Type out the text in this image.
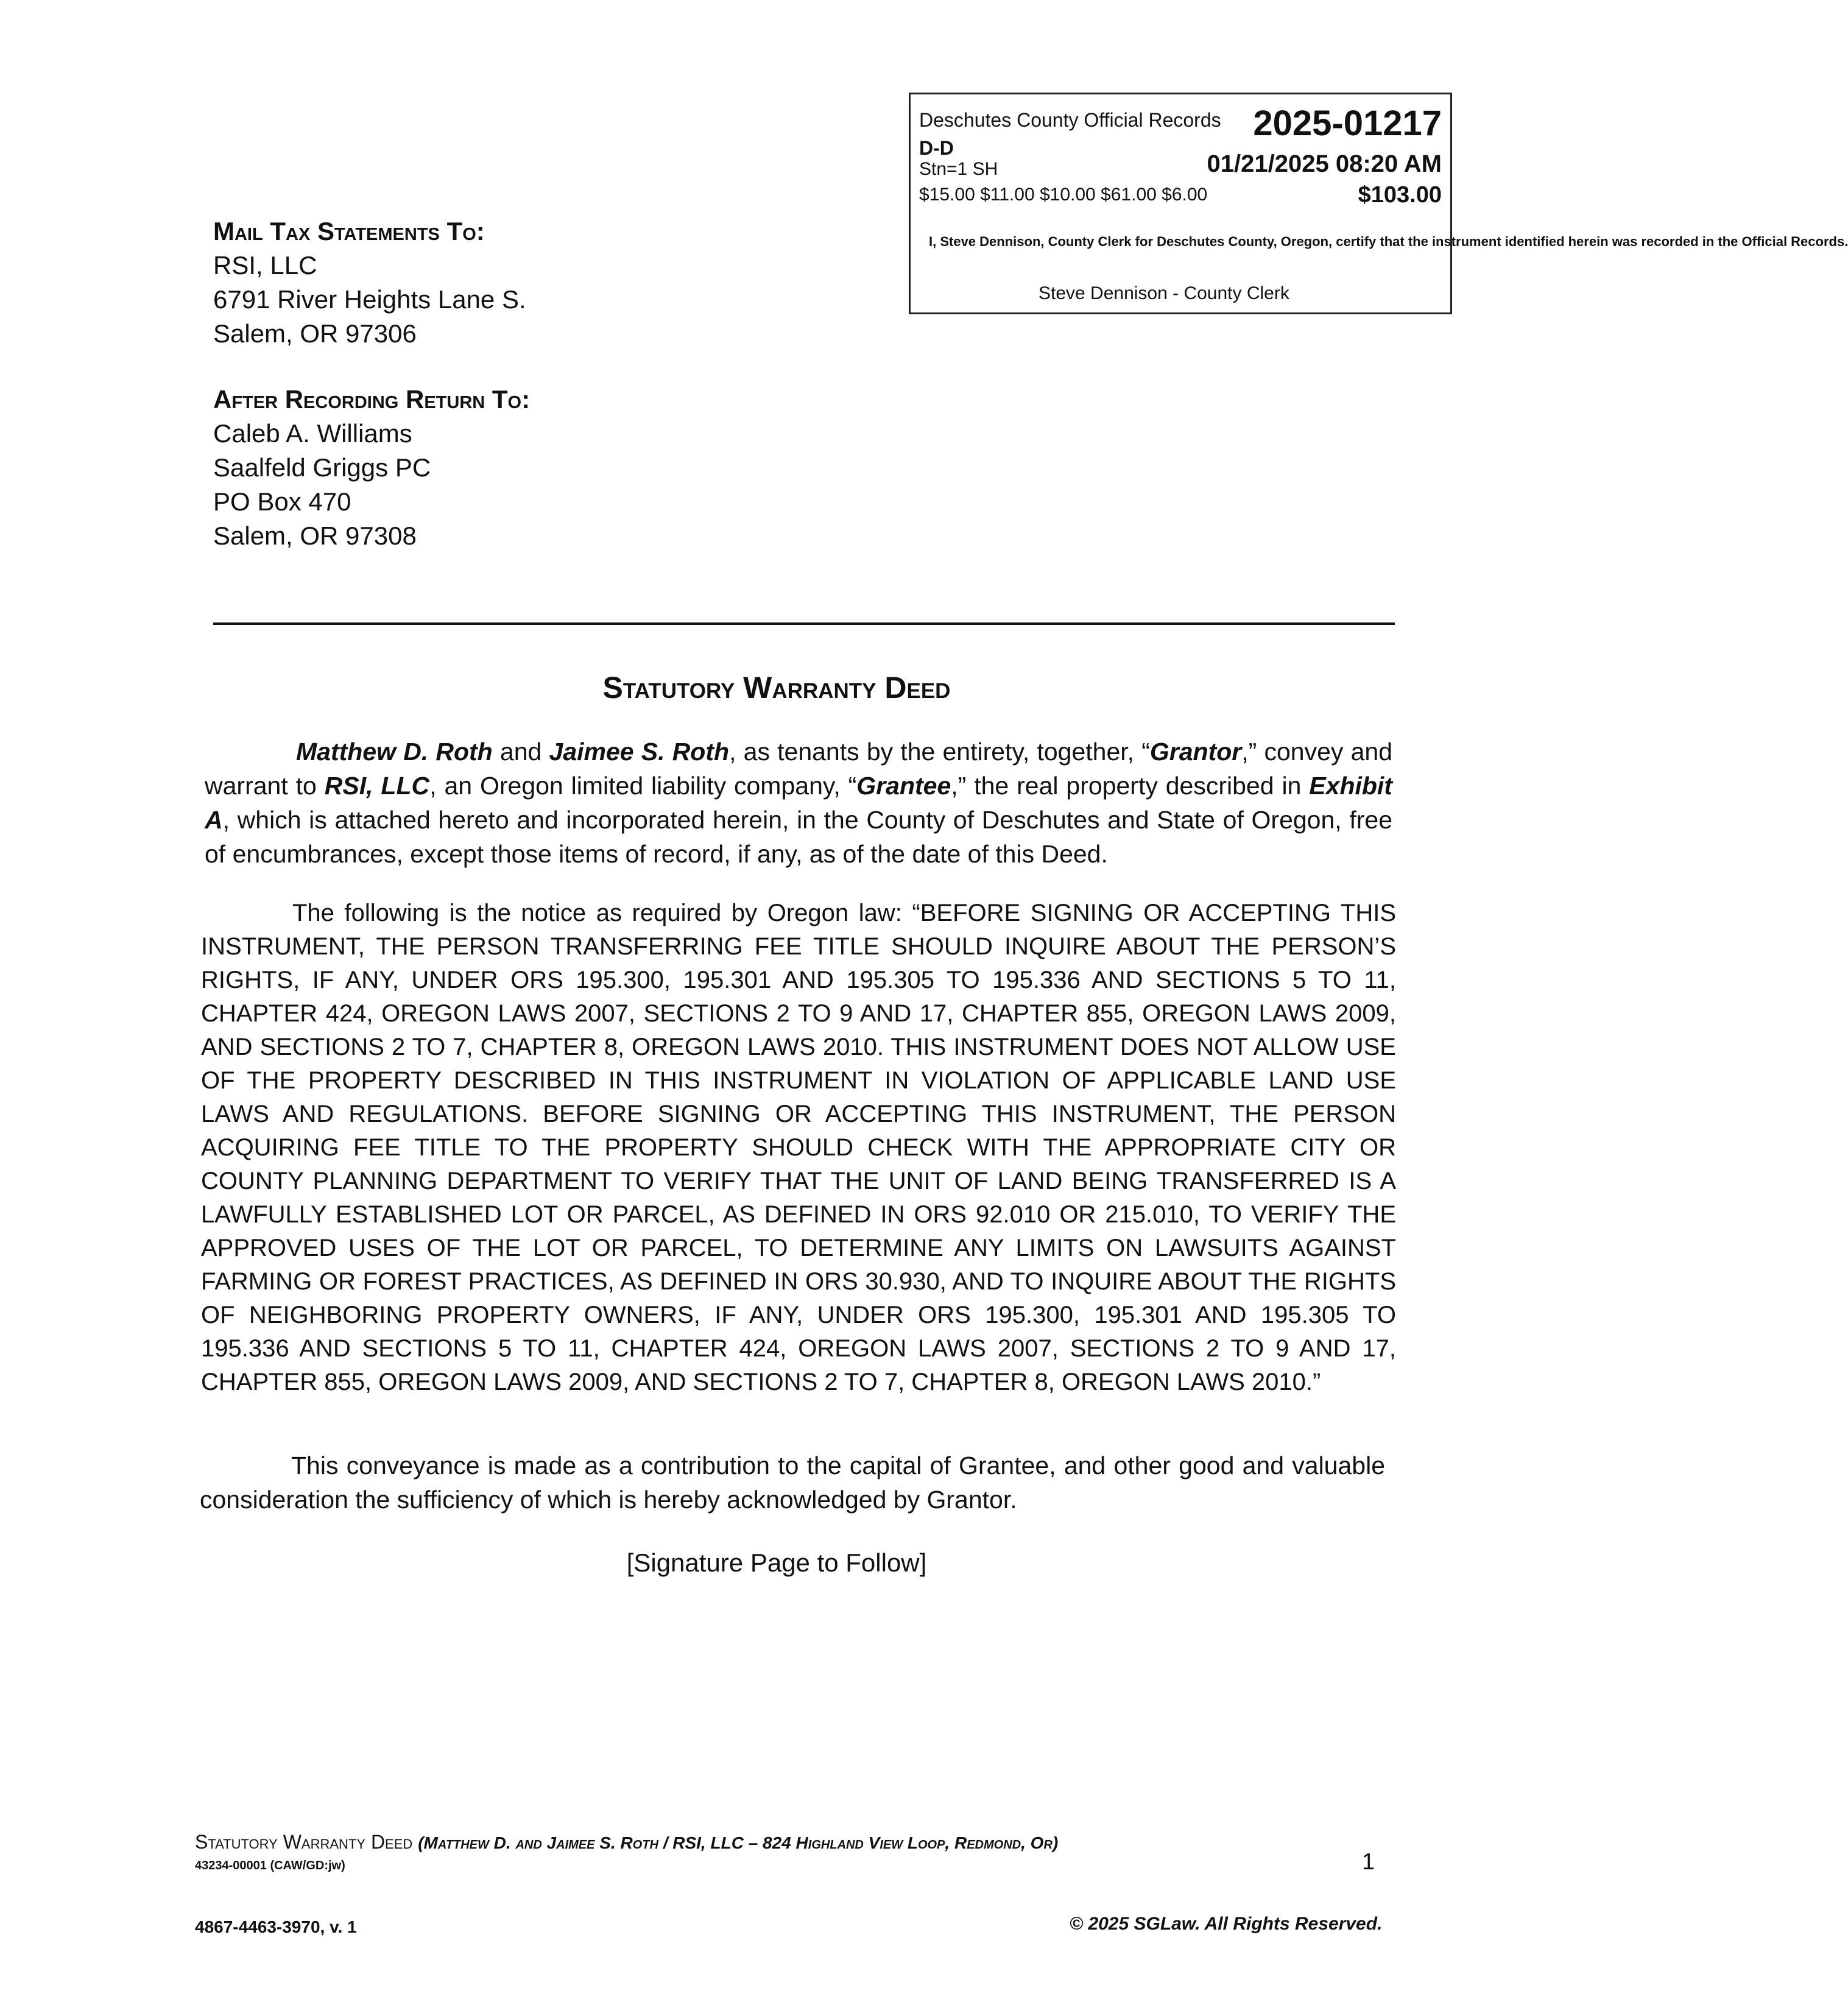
Deschutes County Official Records 2025-01217
D-D
Stn=1 SH	01/21/2025 08:20 AM
$15.00 $11.00 $10.00 $61.00 $6.00	$103.00
I, Steve Dennison, County Clerk for Deschutes County, Oregon, certify that the instrument identified herein was recorded in the Official Records.
Steve Dennison - County Clerk
Mail Tax Statements To:
RSI, LLC
6791 River Heights Lane S.
Salem, OR 97306
After Recording Return To:
Caleb A. Williams
Saalfeld Griggs PC
PO Box 470
Salem, OR 97308
Statutory Warranty Deed

Matthew D. Roth and Jaimee S. Roth, as tenants by the entirety, together, “Grantor,” convey and warrant to RSI, LLC, an Oregon limited liability company, “Grantee,” the real property described in Exhibit A, which is attached hereto and incorporated herein, in the County of Deschutes and State of Oregon, free of encumbrances, except those items of record, if any, as of the date of this Deed.

The following is the notice as required by Oregon law: “BEFORE SIGNING OR ACCEPTING THIS INSTRUMENT, THE PERSON TRANSFERRING FEE TITLE SHOULD INQUIRE ABOUT THE PERSON’S RIGHTS, IF ANY, UNDER ORS 195.300, 195.301 AND 195.305 TO 195.336 AND SECTIONS 5 TO 11, CHAPTER 424, OREGON LAWS 2007, SECTIONS 2 TO 9 AND 17, CHAPTER 855, OREGON LAWS 2009, AND SECTIONS 2 TO 7, CHAPTER 8, OREGON LAWS 2010. THIS INSTRUMENT DOES NOT ALLOW USE OF THE PROPERTY DESCRIBED IN THIS INSTRUMENT IN VIOLATION OF APPLICABLE LAND USE LAWS AND REGULATIONS. BEFORE SIGNING OR ACCEPTING THIS INSTRUMENT, THE PERSON ACQUIRING FEE TITLE TO THE PROPERTY SHOULD CHECK WITH THE APPROPRIATE CITY OR COUNTY PLANNING DEPARTMENT TO VERIFY THAT THE UNIT OF LAND BEING TRANSFERRED IS A LAWFULLY ESTABLISHED LOT OR PARCEL, AS DEFINED IN ORS 92.010 OR 215.010, TO VERIFY THE APPROVED USES OF THE LOT OR PARCEL, TO DETERMINE ANY LIMITS ON LAWSUITS AGAINST FARMING OR FOREST PRACTICES, AS DEFINED IN ORS 30.930, AND TO INQUIRE ABOUT THE RIGHTS OF NEIGHBORING PROPERTY OWNERS, IF ANY, UNDER ORS 195.300, 195.301 AND 195.305 TO 195.336 AND SECTIONS 5 TO 11, CHAPTER 424, OREGON LAWS 2007, SECTIONS 2 TO 9 AND 17, CHAPTER 855, OREGON LAWS 2009, AND SECTIONS 2 TO 7, CHAPTER 8, OREGON LAWS 2010.”

This conveyance is made as a contribution to the capital of Grantee, and other good and valuable consideration the sufficiency of which is hereby acknowledged by Grantor.

[Signature Page to Follow]
Statutory Warranty Deed (Matthew D. and Jaimee S. Roth / RSI, LLC – 824 Highland View Loop, Redmond, Or)
43234-00001 (CAW/GD:jw)	1
4867-4463-3970, v. 1	© 2025 SGLaw. All Rights Reserved.
